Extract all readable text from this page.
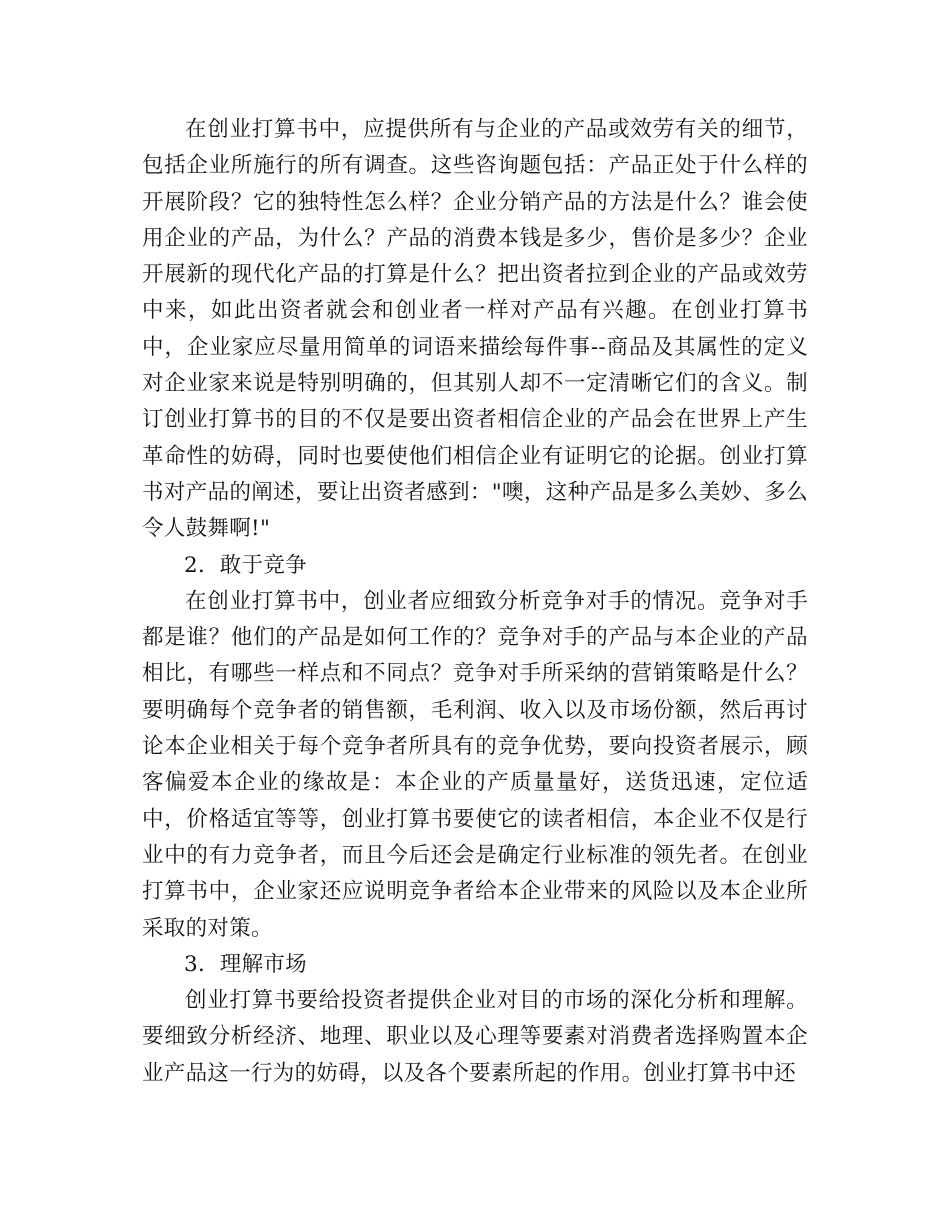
在创业打算书中，应提供所有与企业的产品或效劳有关的细节，包括企业所施行的所有调查。这些咨询题包括：产品正处于什么样的开展阶段？它的独特性怎么样？企业分销产品的方法是什么？谁会使用企业的产品，为什么？产品的消费本钱是多少，售价是多少？企业开展新的现代化产品的打算是什么？把出资者拉到企业的产品或效劳中来，如此出资者就会和创业者一样对产品有兴趣。在创业打算书中，企业家应尽量用简单的词语来描绘每件事--商品及其属性的定义对企业家来说是特别明确的，但其别人却不一定清晰它们的含义。制订创业打算书的目的不仅是要出资者相信企业的产品会在世界上产生革命性的妨碍，同时也要使他们相信企业有证明它的论据。创业打算书对产品的阐述，要让出资者感到："噢，这种产品是多么美妙、多么令人鼓舞啊!"

2．敢于竞争

在创业打算书中，创业者应细致分析竞争对手的情况。竞争对手都是谁？他们的产品是如何工作的？竞争对手的产品与本企业的产品相比，有哪些一样点和不同点？竞争对手所采纳的营销策略是什么？要明确每个竞争者的销售额，毛利润、收入以及市场份额，然后再讨论本企业相关于每个竞争者所具有的竞争优势，要向投资者展示，顾客偏爱本企业的缘故是：本企业的产质量量好，送货迅速，定位适中，价格适宜等等，创业打算书要使它的读者相信，本企业不仅是行业中的有力竞争者，而且今后还会是确定行业标准的领先者。在创业打算书中，企业家还应说明竞争者给本企业带来的风险以及本企业所采取的对策。

3．理解市场

创业打算书要给投资者提供企业对目的市场的深化分析和理解。要细致分析经济、地理、职业以及心理等要素对消费者选择购置本企业产品这一行为的妨碍，以及各个要素所起的作用。创业打算书中还
